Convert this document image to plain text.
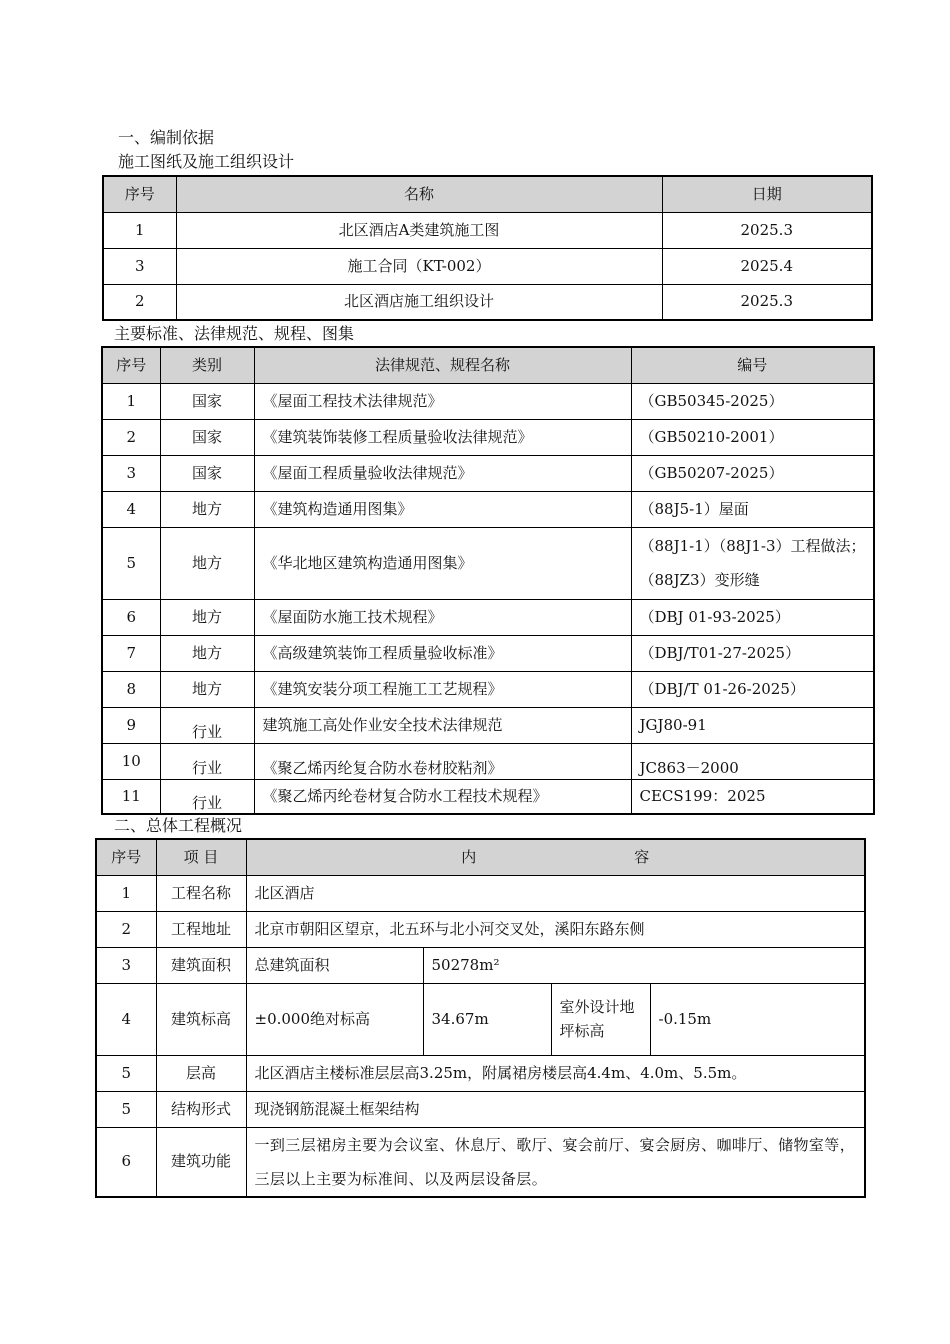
一、编制依据
施工图纸及施工组织设计
序号	名称	日期
1	北区酒店A类建筑施工图	2025.3
3	施工合同（KT-002）	2025.4
2	北区酒店施工组织设计	2025.3
主要标准、法律规范、规程、图集
序号	类别	法律规范、规程名称	编号
1	国家	《屋面工程技术法律规范》	（GB50345-2025）
2	国家	《建筑装饰装修工程质量验收法律规范》	（GB50210-2001）
3	国家	《屋面工程质量验收法律规范》	（GB50207-2025）
4	地方	《建筑构造通用图集》	（88J5-1）屋面
5	地方	《华北地区建筑构造通用图集》	（88J1-1）（88J1-3）工程做法；（88JZ3）变形缝
6	地方	《屋面防水施工技术规程》	（DBJ 01-93-2025）
7	地方	《高级建筑装饰工程质量验收标准》	（DBJ/T01-27-2025）
8	地方	《建筑安装分项工程施工工艺规程》	（DBJ/T 01-26-2025）
9	行业	建筑施工高处作业安全技术法律规范	JGJ80-91
10	行业	《聚乙烯丙纶复合防水卷材胶粘剂》	JC863－2000
11	行业	《聚乙烯丙纶卷材复合防水工程技术规程》	CECS199：2025
二、总体工程概况
序号	项 目	内 容			
1	工程名称	北区酒店			
2	工程地址	北京市朝阳区望京，北五环与北小河交叉处，溪阳东路东侧			
3	建筑面积	总建筑面积	50278m²		
4	建筑标高	±0.000绝对标高	34.67m	室外设计地坪标高	-0.15m
5	层高	北区酒店主楼标准层层高3.25m，附属裙房楼层高4.4m、4.0m、5.5m。			
5	结构形式	现浇钢筋混凝土框架结构			
6	建筑功能	一到三层裙房主要为会议室、休息厅、歌厅、宴会前厅、宴会厨房、咖啡厅、储物室等，三层以上主要为标准间、以及两层设备层。			
